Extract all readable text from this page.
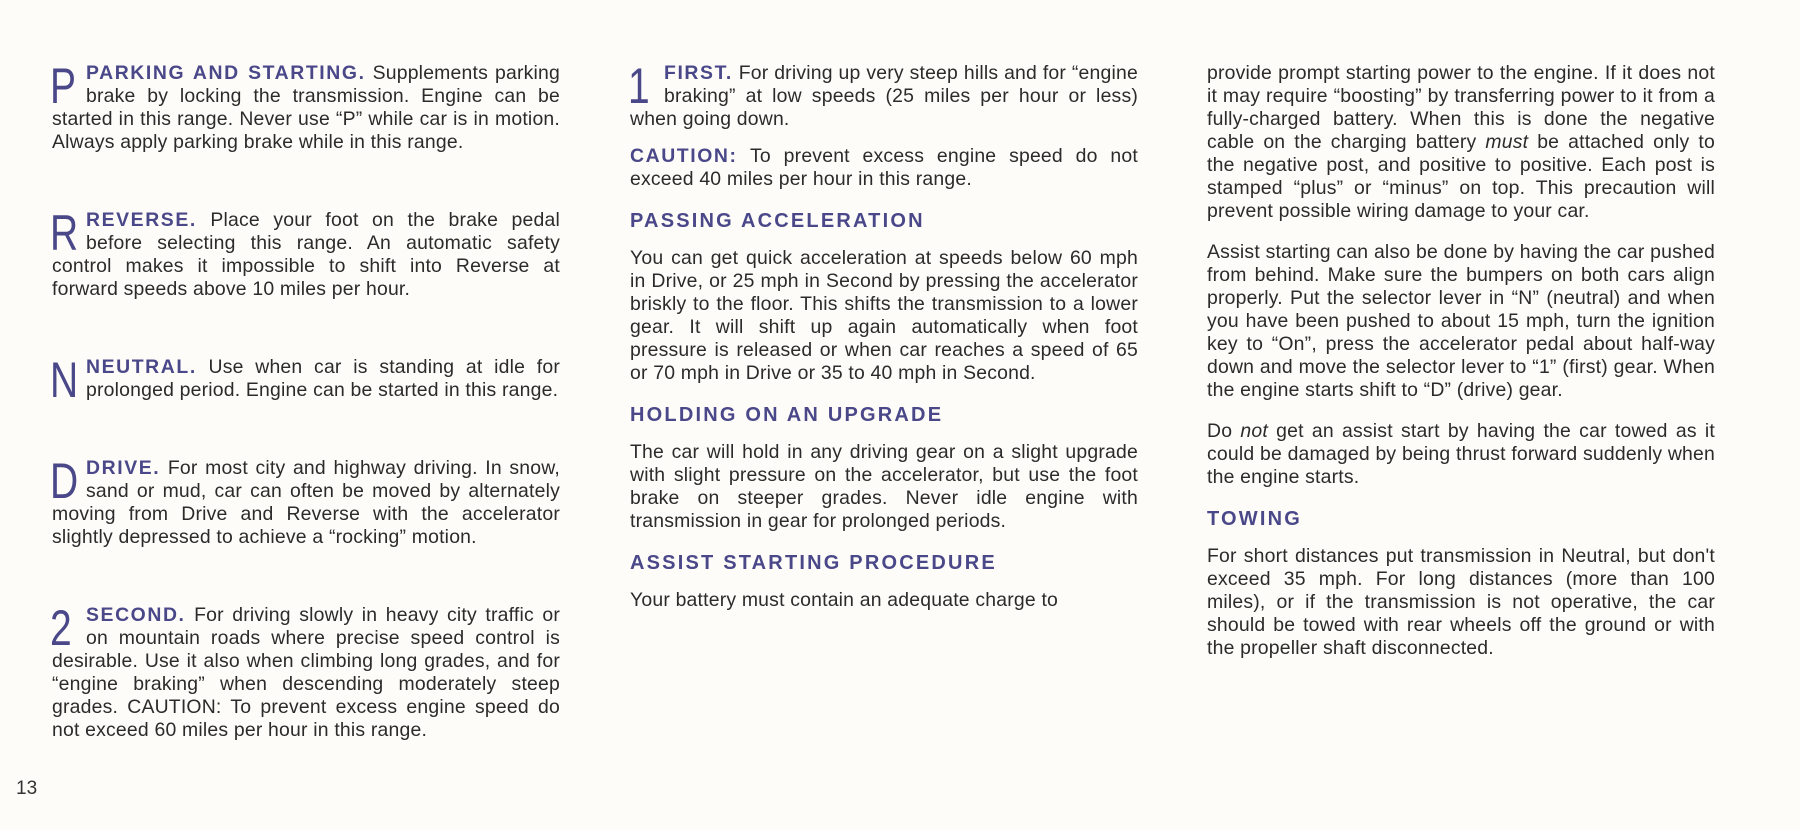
P PARKING AND STARTING. Supplements parking brake by locking the transmission. Engine can be started in this range. Never use “P” while car is in motion. Always apply parking brake while in this range.
R REVERSE. Place your foot on the brake pedal before selecting this range. An automatic safety control makes it impossible to shift into Reverse at forward speeds above 10 miles per hour.
N NEUTRAL. Use when car is standing at idle for prolonged period. Engine can be started in this range.
D DRIVE. For most city and highway driving. In snow, sand or mud, car can often be moved by alternately moving from Drive and Reverse with the accelerator slightly depressed to achieve a “rocking” motion.
2 SECOND. For driving slowly in heavy city traffic or on mountain roads where precise speed control is desirable. Use it also when climbing long grades, and for “engine braking” when descending moderately steep grades. CAUTION: To prevent excess engine speed do not exceed 60 miles per hour in this range.
1 FIRST. For driving up very steep hills and for “engine braking” at low speeds (25 miles per hour or less) when going down.

CAUTION: To prevent excess engine speed do not exceed 40 miles per hour in this range.

PASSING ACCELERATION

You can get quick acceleration at speeds below 60 mph in Drive, or 25 mph in Second by pressing the accelerator briskly to the floor. This shifts the transmission to a lower gear. It will shift up again automatically when foot pressure is released or when car reaches a speed of 65 or 70 mph in Drive or 35 to 40 mph in Second.

HOLDING ON AN UPGRADE

The car will hold in any driving gear on a slight upgrade with slight pressure on the accelerator, but use the foot brake on steeper grades. Never idle engine with transmission in gear for prolonged periods.

ASSIST STARTING PROCEDURE

Your battery must contain an adequate charge to

provide prompt starting power to the engine. If it does not it may require “boosting” by transferring power to it from a fully-charged battery. When this is done the negative cable on the charging battery must be attached only to the negative post, and positive to positive. Each post is stamped “plus” or “minus” on top. This precaution will prevent possible wiring damage to your car.

Assist starting can also be done by having the car pushed from behind. Make sure the bumpers on both cars align properly. Put the selector lever in “N” (neutral) and when you have been pushed to about 15 mph, turn the ignition key to “On”, press the accelerator pedal about half-way down and move the selector lever to “1” (first) gear. When the engine starts shift to “D” (drive) gear.

Do not get an assist start by having the car towed as it could be damaged by being thrust forward suddenly when the engine starts.

TOWING

For short distances put transmission in Neutral, but don't exceed 35 mph. For long distances (more than 100 miles), or if the transmission is not operative, the car should be towed with rear wheels off the ground or with the propeller shaft disconnected.

13
